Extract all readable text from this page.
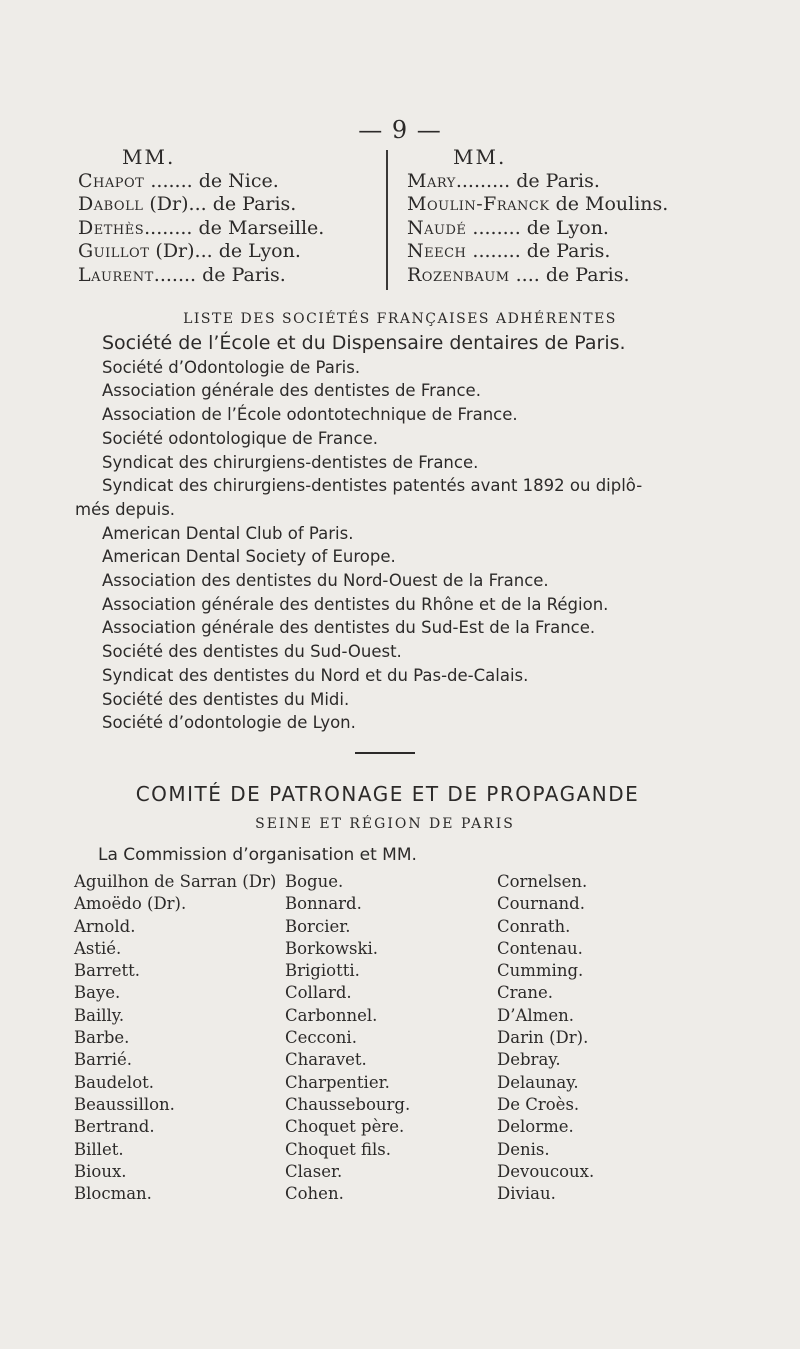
— 9 —
MM.
Chapot ....... de Nice.
Daboll (Dr)... de Paris.
Dethès........ de Marseille.
Guillot (Dr)... de Lyon.
Laurent....... de Paris.
MM.
Mary......... de Paris.
Moulin-Franck de Moulins.
Naudé ........ de Lyon.
Neech ........ de Paris.
Rozenbaum .... de Paris.
LISTE DES SOCIÉTÉS FRANÇAISES ADHÉRENTES
Société de l’École et du Dispensaire dentaires de Paris.
Société d’Odontologie de Paris.
Association générale des dentistes de France.
Association de l’École odontotechnique de France.
Société odontologique de France.
Syndicat des chirurgiens-dentistes de France.
Syndicat des chirurgiens-dentistes patentés avant 1892 ou diplô-
més depuis.
American Dental Club of Paris.
American Dental Society of Europe.
Association des dentistes du Nord-Ouest de la France.
Association générale des dentistes du Rhône et de la Région.
Association générale des dentistes du Sud-Est de la France.
Société des dentistes du Sud-Ouest.
Syndicat des dentistes du Nord et du Pas-de-Calais.
Société des dentistes du Midi.
Société d’odontologie de Lyon.
COMITÉ DE PATRONAGE ET DE PROPAGANDE
SEINE ET RÉGION DE PARIS
La Commission d’organisation et MM.
Aguilhon de Sarran (Dr)
Amoëdo (Dr).
Arnold.
Astié.
Barrett.
Baye.
Bailly.
Barbe.
Barrié.
Baudelot.
Beaussillon.
Bertrand.
Billet.
Bioux.
Blocman.
Bogue.
Bonnard.
Borcier.
Borkowski.
Brigiotti.
Collard.
Carbonnel.
Cecconi.
Charavet.
Charpentier.
Chaussebourg.
Choquet père.
Choquet fils.
Claser.
Cohen.
Cornelsen.
Cournand.
Conrath.
Contenau.
Cumming.
Crane.
D’Almen.
Darin (Dr).
Debray.
Delaunay.
De Croès.
Delorme.
Denis.
Devoucoux.
Diviau.
